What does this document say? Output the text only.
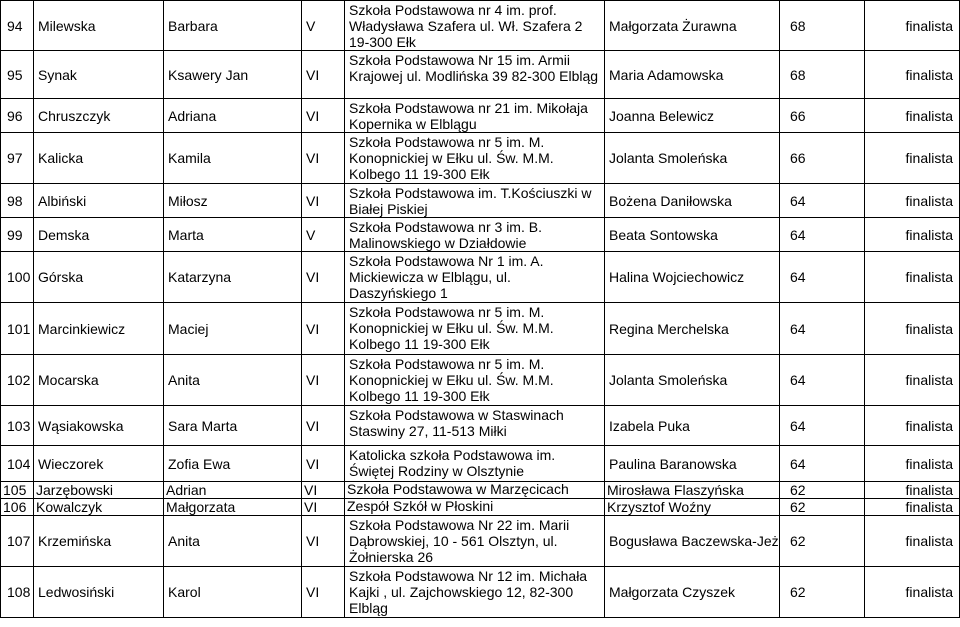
94	Milewska	Barbara	V	Szkoła Podstawowa nr 4 im. prof. Władysława Szafera ul. Wł. Szafera 2 19-300 Ełk	Małgorzata Żurawna	68	finalista
95	Synak	Ksawery Jan	VI	Szkoła Podstawowa Nr 15 im. Armii Krajowej ul. Modlińska 39 82-300 Elbląg	Maria Adamowska	68	finalista
96	Chruszczyk	Adriana	VI	Szkoła Podstawowa nr 21 im. Mikołaja Kopernika w Elblągu	Joanna Belewicz	66	finalista
97	Kalicka	Kamila	VI	Szkoła Podstawowa nr 5 im. M. Konopnickiej w Ełku ul. Św. M.M. Kolbego 11 19-300 Ełk	Jolanta Smoleńska	66	finalista
98	Albiński	Miłosz	VI	Szkoła Podstawowa im. T.Kościuszki w Białej Piskiej	Bożena Daniłowska	64	finalista
99	Demska	Marta	V	Szkoła Podstawowa nr 3 im. B. Malinowskiego w Działdowie	Beata Sontowska	64	finalista
100	Górska	Katarzyna	VI	Szkoła Podstawowa Nr 1 im. A. Mickiewicza w Elblągu, ul. Daszyńskiego 1	Halina Wojciechowicz	64	finalista
101	Marcinkiewicz	Maciej	VI	Szkoła Podstawowa nr 5 im. M. Konopnickiej w Ełku ul. Św. M.M. Kolbego 11 19-300 Ełk	Regina Merchelska	64	finalista
102	Mocarska	Anita	VI	Szkoła Podstawowa nr 5 im. M. Konopnickiej w Ełku ul. Św. M.M. Kolbego 11 19-300 Ełk	Jolanta Smoleńska	64	finalista
103	Wąsiakowska	Sara Marta	VI	Szkoła Podstawowa w Staswinach Staswiny 27, 11-513 Miłki	Izabela Puka	64	finalista
104	Wieczorek	Zofia Ewa	VI	Katolicka szkoła Podstawowa im. Świętej Rodziny w Olsztynie	Paulina Baranowska	64	finalista
105	Jarzębowski	Adrian	VI	Szkoła Podstawowa w Marzęcicach	Mirosława Flaszyńska	62	finalista
106	Kowalczyk	Małgorzata	VI	Zespół Szkół w Płoskini	Krzysztof Woźny	62	finalista
107	Krzemińska	Anita	VI	Szkoła Podstawowa Nr 22 im. Marii Dąbrowskiej, 10 - 561 Olsztyn, ul. Żołnierska 26	Bogusława Baczewska-Jeż	62	finalista
108	Ledwosiński	Karol	VI	Szkoła Podstawowa Nr 12 im. Michała Kajki , ul. Zajchowskiego 12, 82-300 Elbląg	Małgorzata Czyszek	62	finalista
